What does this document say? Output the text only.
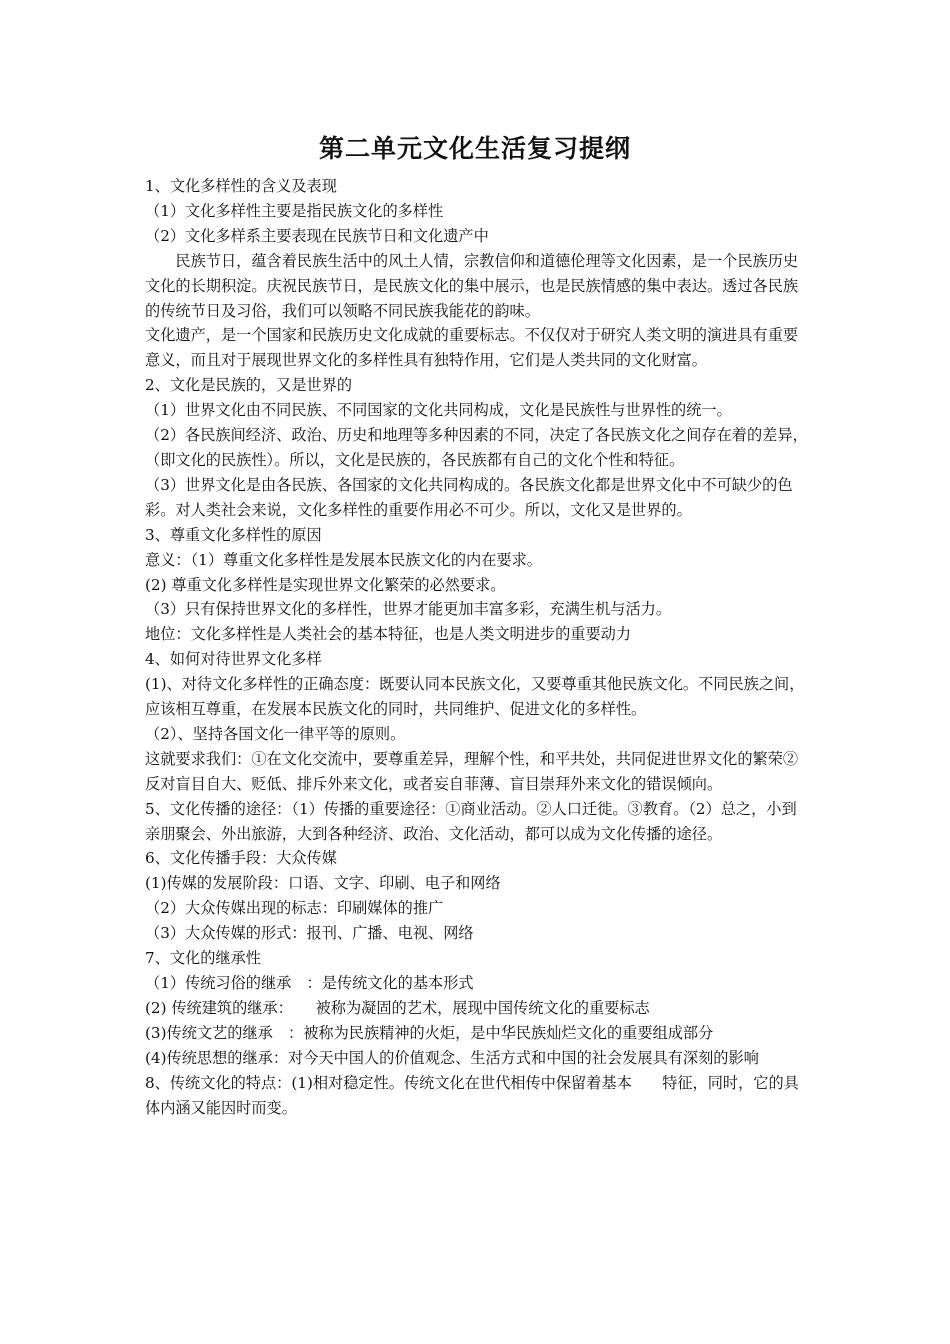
第二单元文化生活复习提纲

1、文化多样性的含义及表现

（1）文化多样性主要是指民族文化的多样性

（2）文化多样系主要表现在民族节日和文化遗产中

民族节日，蕴含着民族生活中的风土人情，宗教信仰和道德伦理等文化因素，是一个民族历史文化的长期积淀。庆祝民族节日，是民族文化的集中展示，也是民族情感的集中表达。透过各民族的传统节日及习俗，我们可以领略不同民族我能花的韵味。

文化遗产，是一个国家和民族历史文化成就的重要标志。不仅仅对于研究人类文明的演进具有重要意义，而且对于展现世界文化的多样性具有独特作用，它们是人类共同的文化财富。

2、文化是民族的，又是世界的

（1）世界文化由不同民族、不同国家的文化共同构成，文化是民族性与世界性的统一。

（2）各民族间经济、政治、历史和地理等多种因素的不同，决定了各民族文化之间存在着的差异，（即文化的民族性）。所以，文化是民族的，各民族都有自己的文化个性和特征。

（3）世界文化是由各民族、各国家的文化共同构成的。各民族文化都是世界文化中不可缺少的色彩。对人类社会来说，文化多样性的重要作用必不可少。所以，文化又是世界的。

3、尊重文化多样性的原因

意义：（1）尊重文化多样性是发展本民族文化的内在要求。

(2) 尊重文化多样性是实现世界文化繁荣的必然要求。

（3）只有保持世界文化的多样性，世界才能更加丰富多彩，充满生机与活力。

地位：文化多样性是人类社会的基本特征，也是人类文明进步的重要动力

4、如何对待世界文化多样

(1)、对待文化多样性的正确态度：既要认同本民族文化，又要尊重其他民族文化。不同民族之间，应该相互尊重，在发展本民族文化的同时，共同维护、促进文化的多样性。

（2）、坚持各国文化一律平等的原则。

这就要求我们：①在文化交流中，要尊重差异，理解个性，和平共处，共同促进世界文化的繁荣②反对盲目自大、贬低、排斥外来文化，或者妄自菲薄、盲目崇拜外来文化的错误倾向。

5、文化传播的途径：（1）传播的重要途径：①商业活动。②人口迁徙。③教育。（2）总之，小到亲朋聚会、外出旅游，大到各种经济、政治、文化活动，都可以成为文化传播的途径。

6、文化传播手段：大众传媒

(1)传媒的发展阶段：口语、文字、印刷、电子和网络

（2）大众传媒出现的标志：印刷媒体的推广

（3）大众传媒的形式：报刊、广播、电视、网络

7、文化的继承性

（1）传统习俗的继承　：是传统文化的基本形式

(2) 传统建筑的继承：　　被称为凝固的艺术，展现中国传统文化的重要标志

(3)传统文艺的继承　：被称为民族精神的火炬，是中华民族灿烂文化的重要组成部分

(4)传统思想的继承：对今天中国人的价值观念、生活方式和中国的社会发展具有深刻的影响

8、传统文化的特点：(1)相对稳定性。传统文化在世代相传中保留着基本　　特征，同时，它的具体内涵又能因时而变。
